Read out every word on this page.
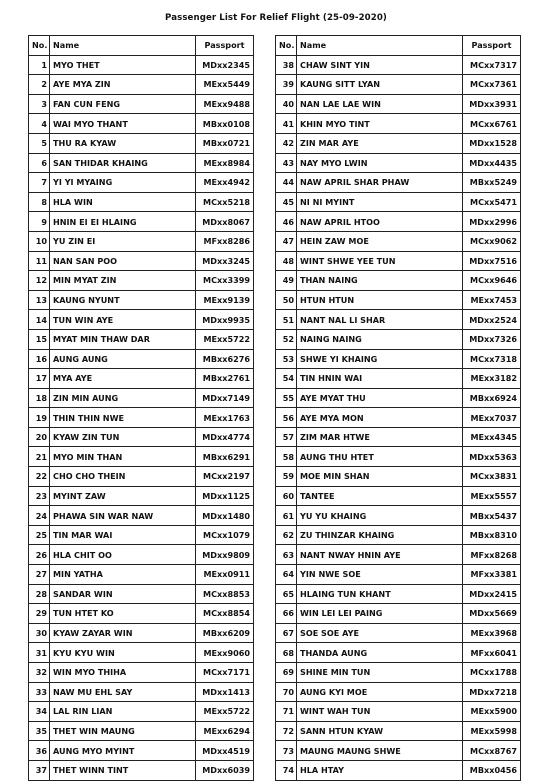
Passenger List For Relief Flight (25-09-2020)
No.	Name	Passport
1	MYO THET	MDxx2345
2	AYE MYA ZIN	MExx5449
3	FAN CUN FENG	MExx9488
4	WAI MYO THANT	MBxx0108
5	THU RA KYAW	MBxx0721
6	SAN THIDAR KHAING	MExx8984
7	YI YI MYAING	MExx4942
8	HLA WIN	MCxx5218
9	HNIN EI EI HLAING	MDxx8067
10	YU ZIN EI	MFxx8286
11	NAN SAN POO	MDxx3245
12	MIN MYAT ZIN	MCxx3399
13	KAUNG NYUNT	MExx9139
14	TUN WIN AYE	MDxx9935
15	MYAT MIN THAW DAR	MExx5722
16	AUNG AUNG	MBxx6276
17	MYA AYE	MBxx2761
18	ZIN MIN AUNG	MDxx7149
19	THIN THIN NWE	MExx1763
20	KYAW ZIN TUN	MDxx4774
21	MYO MIN THAN	MBxx6291
22	CHO CHO THEIN	MCxx2197
23	MYINT ZAW	MDxx1125
24	PHAWA SIN WAR NAW	MDxx1480
25	TIN MAR WAI	MCxx1079
26	HLA CHIT OO	MDxx9809
27	MIN YATHA	MExx0911
28	SANDAR WIN	MCxx8853
29	TUN HTET KO	MCxx8854
30	KYAW ZAYAR WIN	MBxx6209
31	KYU KYU WIN	MExx9060
32	WIN MYO THIHA	MCxx7171
33	NAW MU EHL SAY	MDxx1413
34	LAL RIN LIAN	MExx5722
35	THET WIN MAUNG	MExx6294
36	AUNG MYO MYINT	MDxx4519
37	THET WINN TINT	MDxx6039
No.	Name	Passport
38	CHAW SINT YIN	MCxx7317
39	KAUNG SITT LYAN	MCxx7361
40	NAN LAE LAE WIN	MDxx3931
41	KHIN MYO TINT	MCxx6761
42	ZIN MAR AYE	MDxx1528
43	NAY MYO LWIN	MDxx4435
44	NAW APRIL SHAR PHAW	MBxx5249
45	NI NI MYINT	MCxx5471
46	NAW APRIL HTOO	MDxx2996
47	HEIN ZAW MOE	MCxx9062
48	WINT SHWE YEE TUN	MDxx7516
49	THAN NAING	MCxx9646
50	HTUN HTUN	MExx7453
51	NANT NAL LI SHAR	MDxx2524
52	NAING NAING	MDxx7326
53	SHWE YI KHAING	MCxx7318
54	TIN HNIN WAI	MExx3182
55	AYE MYAT THU	MBxx6924
56	AYE MYA MON	MExx7037
57	ZIM MAR HTWE	MExx4345
58	AUNG THU HTET	MDxx5363
59	MOE MIN SHAN	MCxx3831
60	TANTEE	MExx5557
61	YU YU KHAING	MBxx5437
62	ZU THINZAR KHAING	MBxx8310
63	NANT NWAY HNIN AYE	MFxx8268
64	YIN NWE SOE	MFxx3381
65	HLAING TUN KHANT	MDxx2415
66	WIN LEI LEI PAING	MDxx5669
67	SOE SOE AYE	MExx3968
68	THANDA AUNG	MFxx6041
69	SHINE MIN TUN	MCxx1788
70	AUNG KYI MOE	MDxx7218
71	WINT WAH TUN	MExx5900
72	SANN HTUN KYAW	MExx5998
73	MAUNG MAUNG SHWE	MCxx8767
74	HLA HTAY	MBxx0456
